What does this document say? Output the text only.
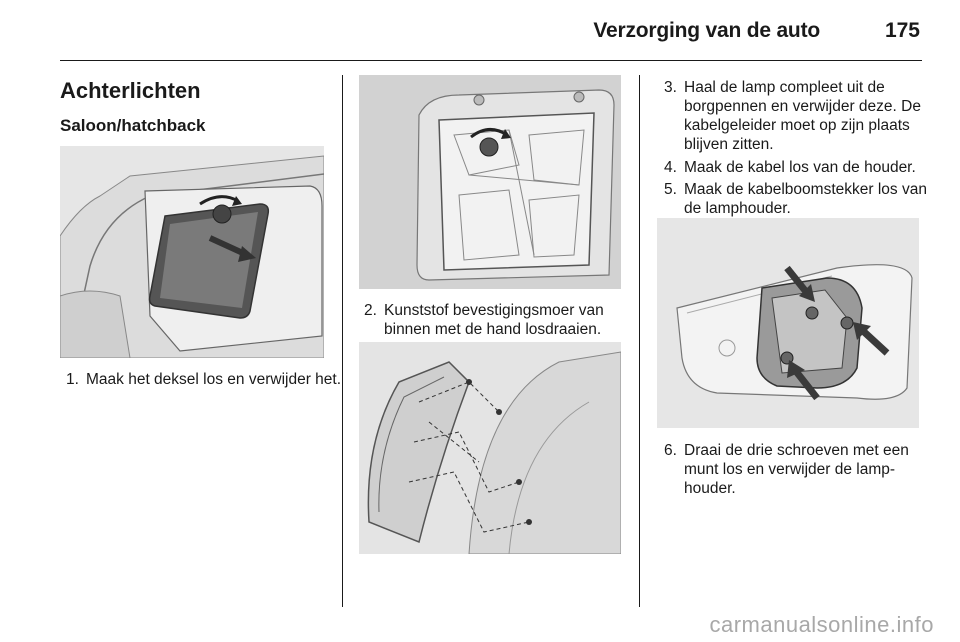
Verzorging van de auto	175
Achterlichten
Saloon/hatchback
1. Maak het deksel los en verwijder het.
2. Kunststof bevestigingsmoer van binnen met de hand losdraaien.
3. Haal de lamp compleet uit de borgpennen en verwijder deze. De kabelgeleider moet op zijn plaats blijven zitten.
4. Maak de kabel los van de houder.
5. Maak de kabelboomstekker los van de lamphouder.
6. Draai de drie schroeven met een munt los en verwijder de lamp-houder.
carmanualsonline.info
